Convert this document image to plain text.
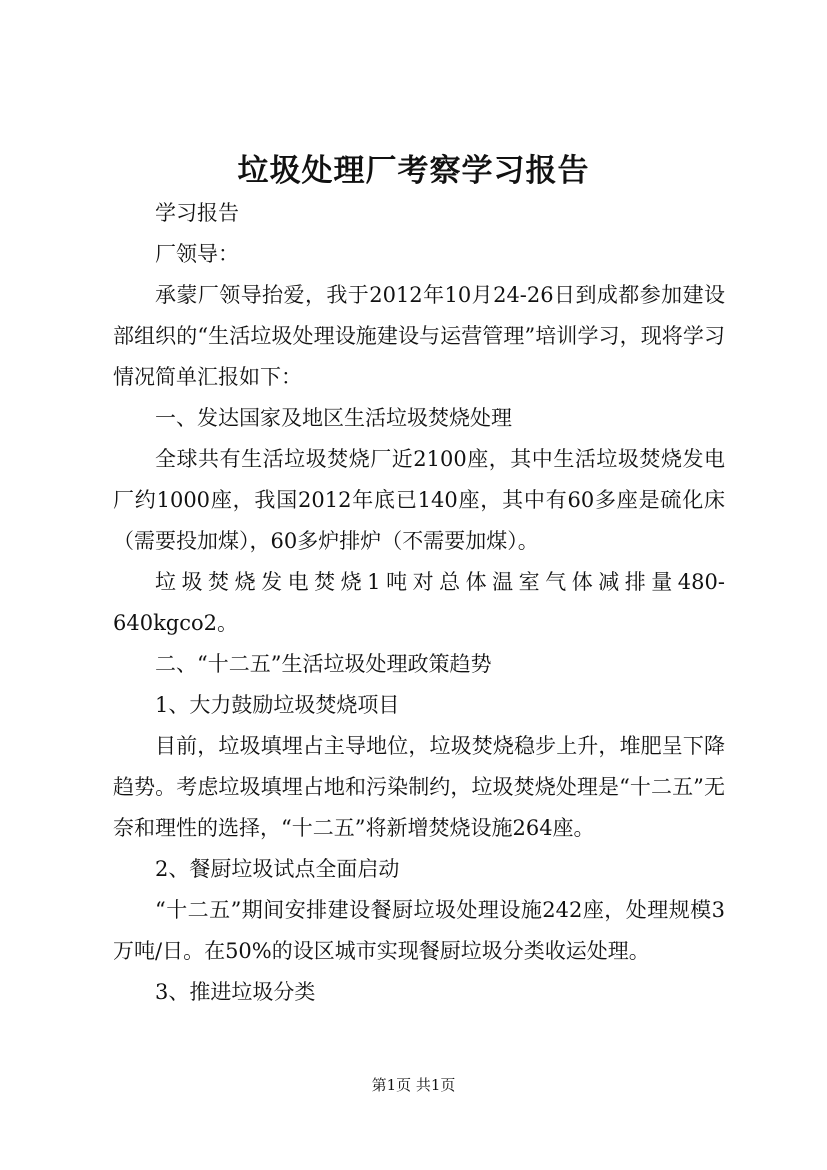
垃圾处理厂考察学习报告

学习报告

厂领导：

承蒙厂领导抬爱，我于2012年10月24-26日到成都参加建设部组织的“生活垃圾处理设施建设与运营管理”培训学习，现将学习情况简单汇报如下：

一、发达国家及地区生活垃圾焚烧处理

全球共有生活垃圾焚烧厂近2100座，其中生活垃圾焚烧发电厂约1000座，我国2012年底已140座，其中有60多座是硫化床（需要投加煤），60多炉排炉（不需要加煤）。

垃圾焚烧发电焚烧1吨对总体温室气体减排量480-640kgco2。

二、“十二五”生活垃圾处理政策趋势

1、大力鼓励垃圾焚烧项目

目前，垃圾填埋占主导地位，垃圾焚烧稳步上升，堆肥呈下降趋势。考虑垃圾填埋占地和污染制约，垃圾焚烧处理是“十二五”无奈和理性的选择，“十二五”将新增焚烧设施264座。

2、餐厨垃圾试点全面启动

“十二五”期间安排建设餐厨垃圾处理设施242座，处理规模3万吨/日。在50%的设区城市实现餐厨垃圾分类收运处理。

3、推进垃圾分类

第1页 共1页
